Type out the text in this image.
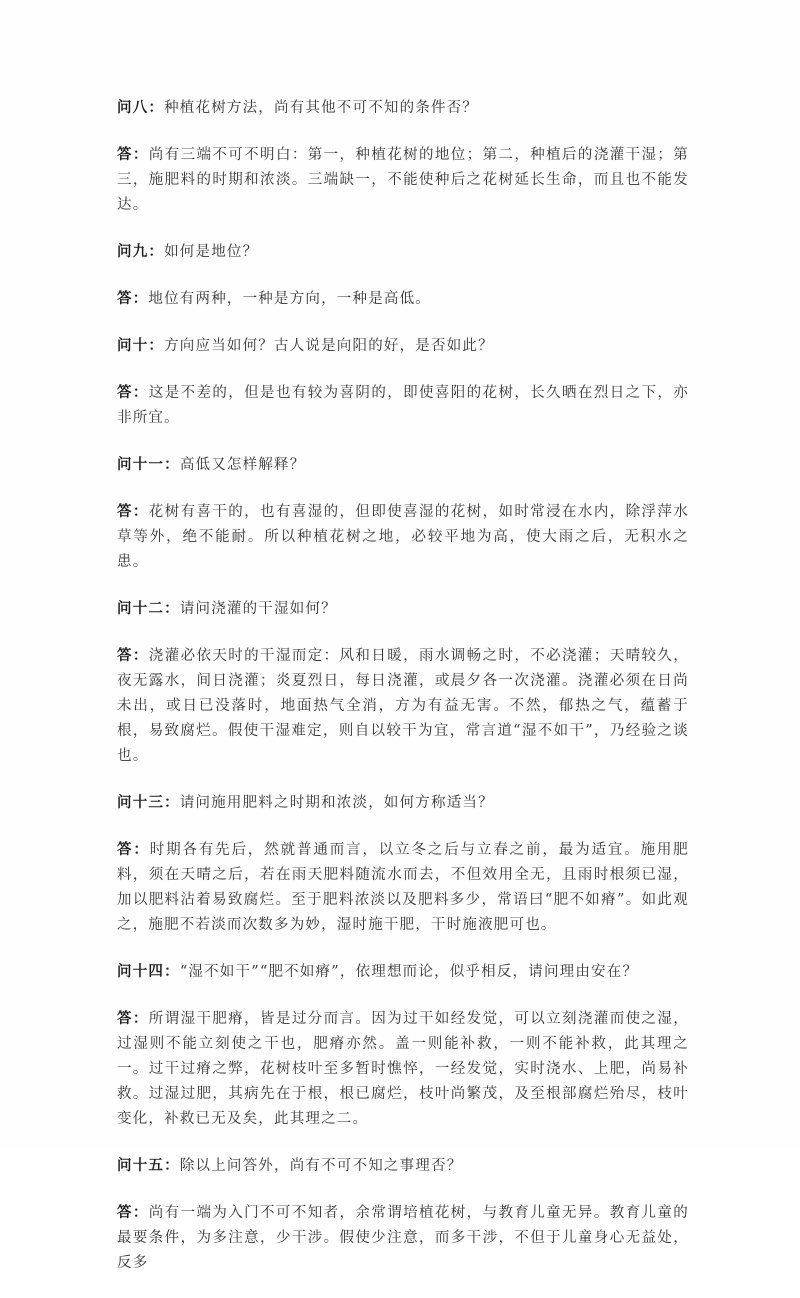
问八：种植花树方法，尚有其他不可不知的条件否？

答：尚有三端不可不明白：第一，种植花树的地位；第二，种植后的浇灌干湿；第三，施肥料的时期和浓淡。三端缺一，不能使种后之花树延长生命，而且也不能发达。

问九：如何是地位？

答：地位有两种，一种是方向，一种是高低。

问十：方向应当如何？古人说是向阳的好，是否如此？

答：这是不差的，但是也有较为喜阴的，即使喜阳的花树，长久晒在烈日之下，亦非所宜。

问十一：高低又怎样解释？

答：花树有喜干的，也有喜湿的，但即使喜湿的花树，如时常浸在水内，除浮萍水草等外，绝不能耐。所以种植花树之地，必较平地为高，使大雨之后，无积水之患。

问十二：请问浇灌的干湿如何？

答：浇灌必依天时的干湿而定：风和日暖，雨水调畅之时，不必浇灌；天晴较久，夜无露水，间日浇灌；炎夏烈日，每日浇灌，或晨夕各一次浇灌。浇灌必须在日尚未出，或日已没落时，地面热气全消，方为有益无害。不然，郁热之气，蕴蓄于根，易致腐烂。假使干湿难定，则自以较干为宜，常言道“湿不如干”，乃经验之谈也。

问十三：请问施用肥料之时期和浓淡，如何方称适当？

答：时期各有先后，然就普通而言，以立冬之后与立春之前，最为适宜。施用肥料，须在天晴之后，若在雨天肥料随流水而去，不但效用全无，且雨时根须已湿，加以肥料沾着易致腐烂。至于肥料浓淡以及肥料多少，常语曰“肥不如瘠”。如此观之，施肥不若淡而次数多为妙，湿时施干肥，干时施液肥可也。

问十四：“湿不如干”“肥不如瘠”，依理想而论，似乎相反，请问理由安在？

答：所谓湿干肥瘠，皆是过分而言。因为过干如经发觉，可以立刻浇灌而使之湿，过湿则不能立刻使之干也，肥瘠亦然。盖一则能补救，一则不能补救，此其理之一。过干过瘠之弊，花树枝叶至多暂时憔悴，一经发觉，实时浇水、上肥，尚易补救。过湿过肥，其病先在于根，根已腐烂，枝叶尚繁茂，及至根部腐烂殆尽，枝叶变化，补救已无及矣，此其理之二。

问十五：除以上问答外，尚有不可不知之事理否？

答：尚有一端为入门不可不知者，余常谓培植花树，与教育儿童无异。教育儿童的最要条件，为多注意，少干涉。假使少注意，而多干涉，不但于儿童身心无益处，反多
